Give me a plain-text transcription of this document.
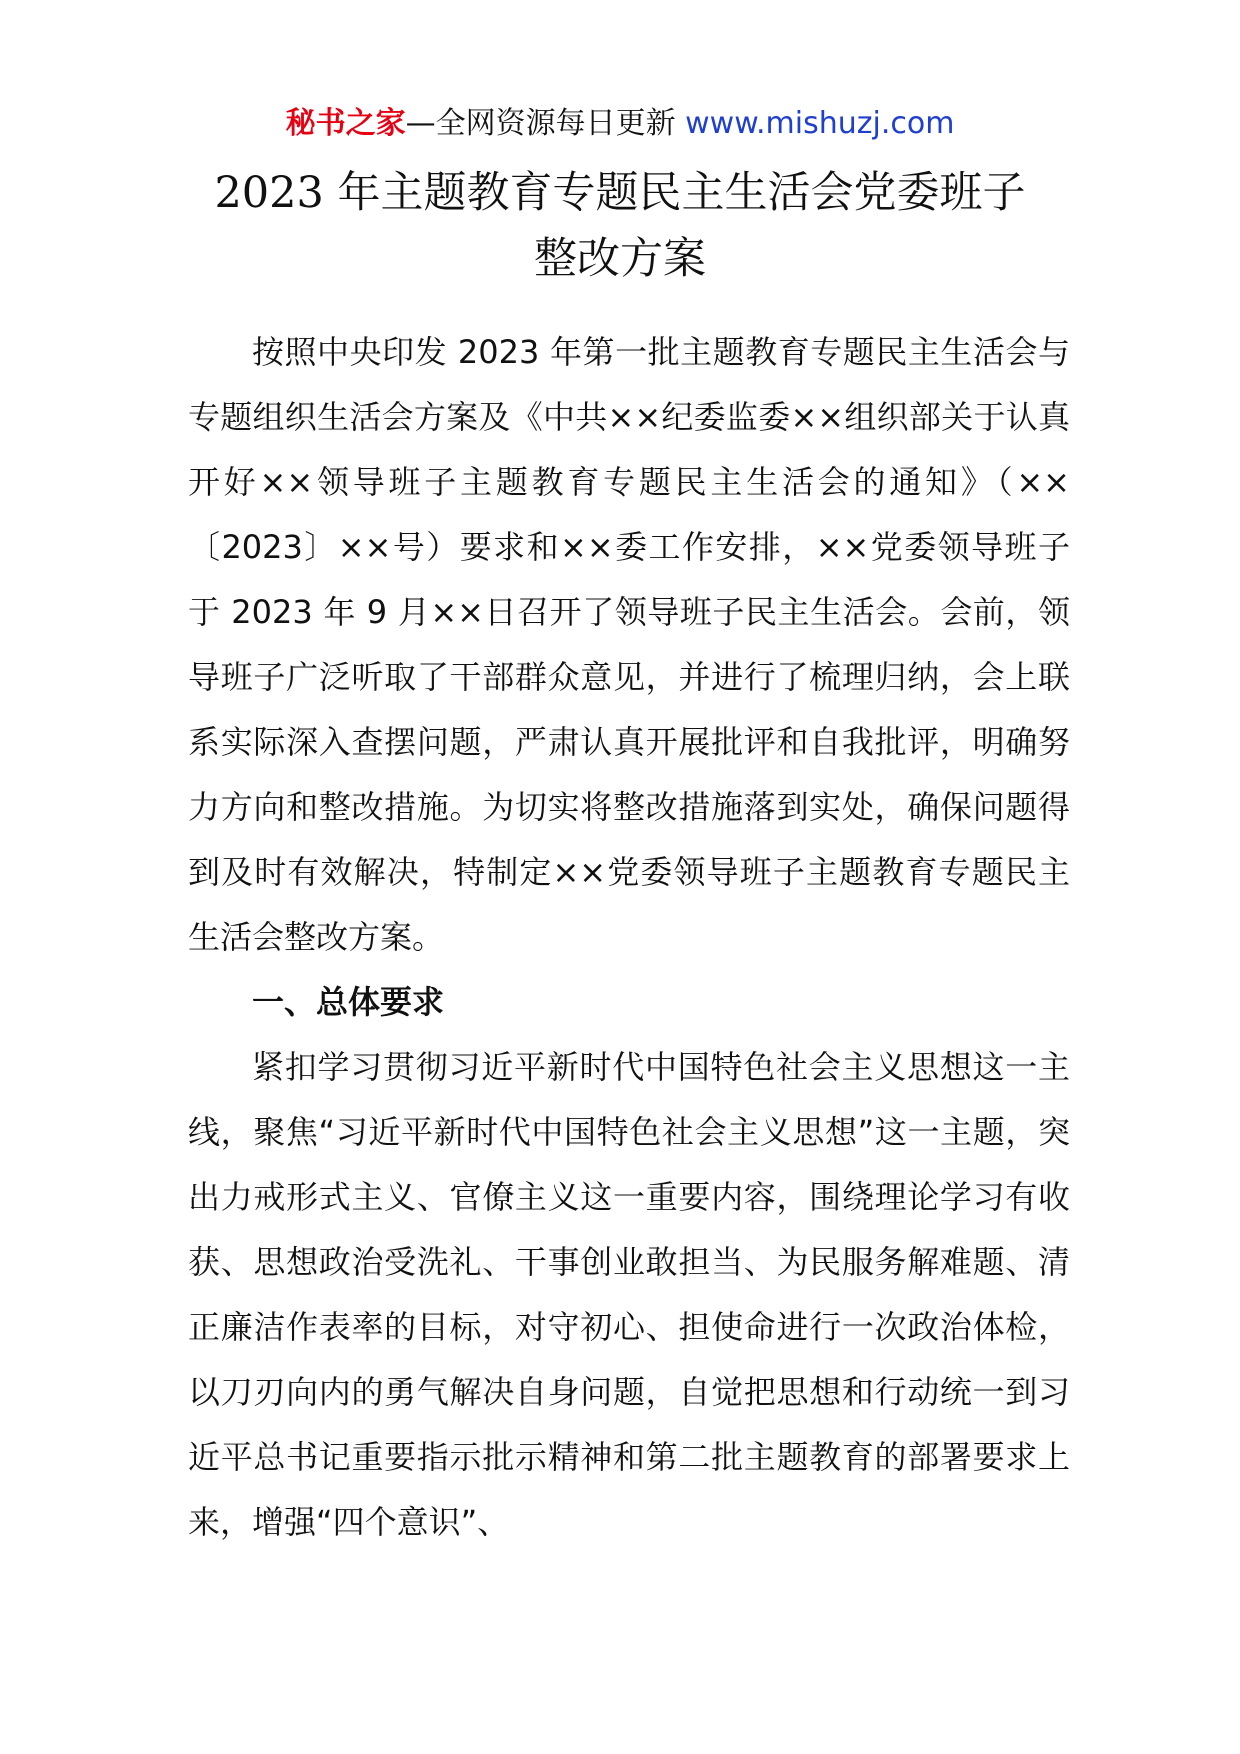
秘书之家—全网资源每日更新 www.mishuzj.com
2023 年主题教育专题民主生活会党委班子
整改方案

按照中央印发 2023 年第一批主题教育专题民主生活会与专题组织生活会方案及《中共××纪委监委××组织部关于认真开好××领导班子主题教育专题民主生活会的通知》（××〔2023〕××号）要求和××委工作安排，××党委领导班子于 2023 年 9 月××日召开了领导班子民主生活会。会前，领导班子广泛听取了干部群众意见，并进行了梳理归纳，会上联系实际深入查摆问题，严肃认真开展批评和自我批评，明确努力方向和整改措施。为切实将整改措施落到实处，确保问题得到及时有效解决，特制定××党委领导班子主题教育专题民主生活会整改方案。

一、总体要求

紧扣学习贯彻习近平新时代中国特色社会主义思想这一主线，聚焦“习近平新时代中国特色社会主义思想”这一主题，突出力戒形式主义、官僚主义这一重要内容，围绕理论学习有收获、思想政治受洗礼、干事创业敢担当、为民服务解难题、清正廉洁作表率的目标，对守初心、担使命进行一次政治体检，以刀刃向内的勇气解决自身问题，自觉把思想和行动统一到习近平总书记重要指示批示精神和第二批主题教育的部署要求上来，增强“四个意识”、
